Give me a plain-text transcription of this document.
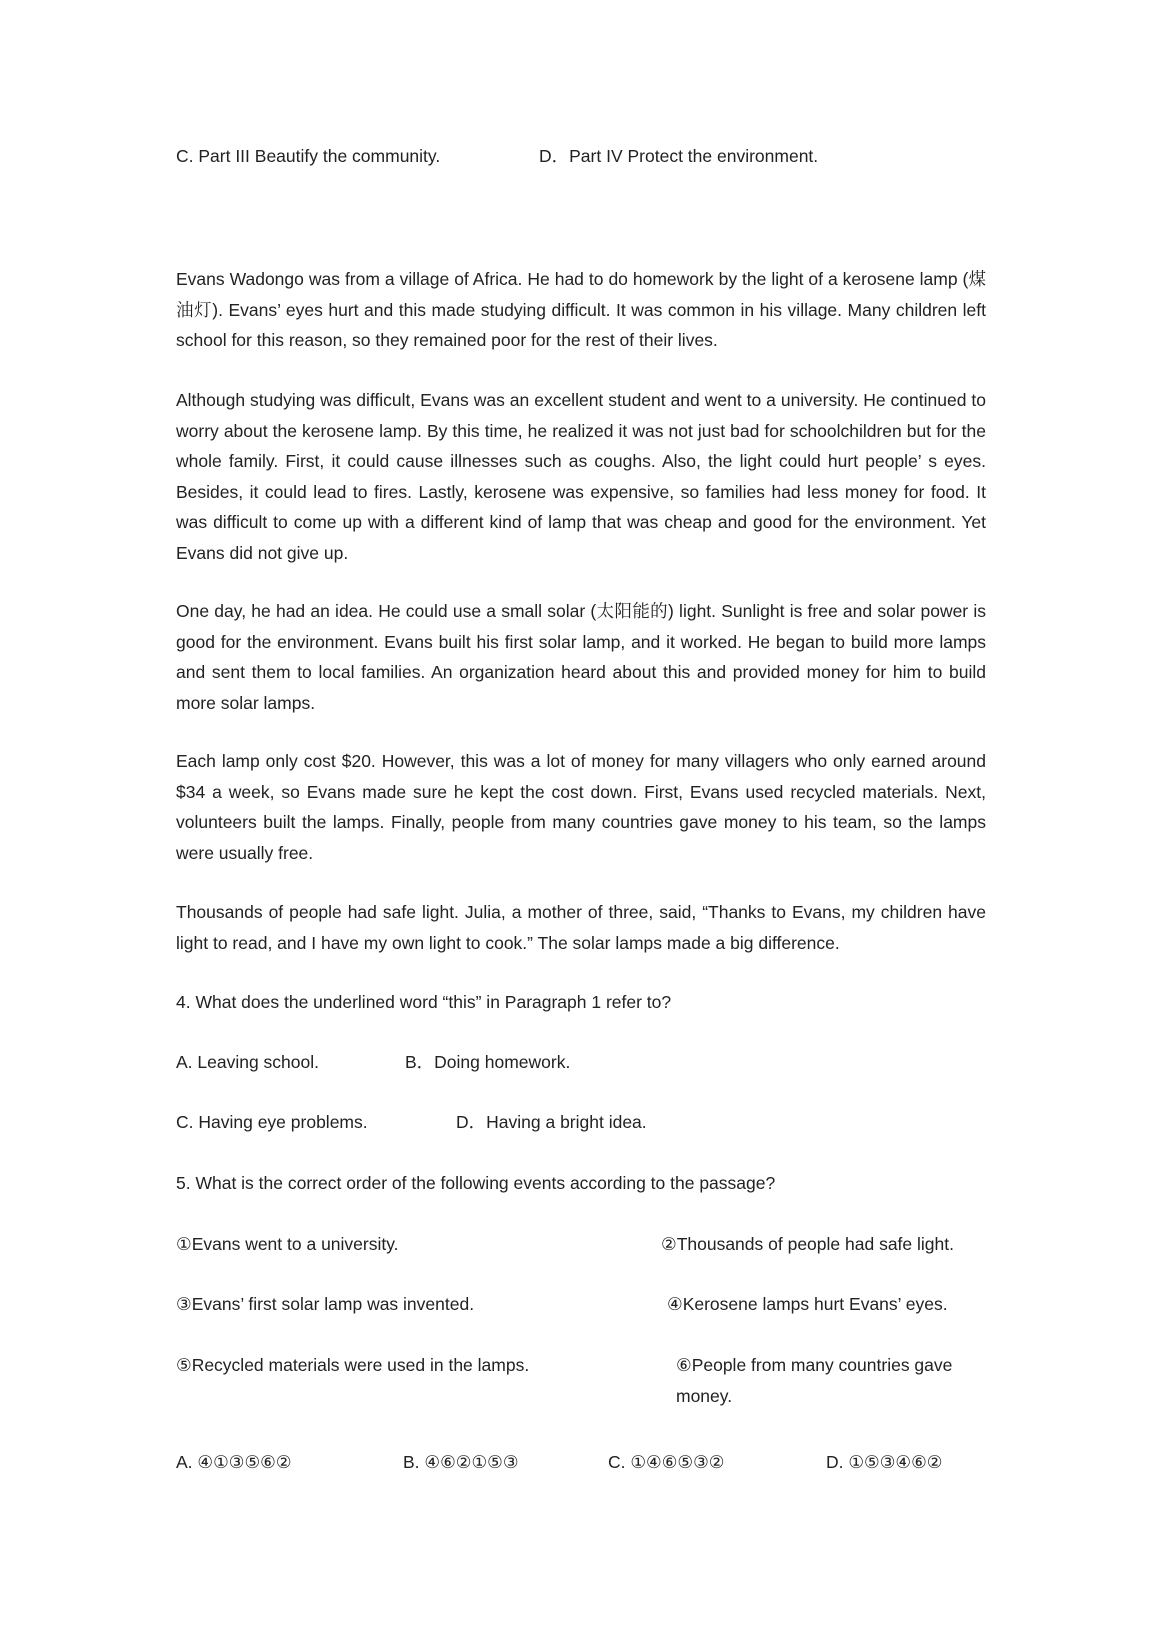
C. Part III Beautify the community.	D．Part IV Protect the environment.

Evans Wadongo was from a village of Africa. He had to do homework by the light of a kerosene lamp (煤油灯). Evans’ eyes hurt and this made studying difficult. It was common in his village. Many children left school for this reason, so they remained poor for the rest of their lives.

Although studying was difficult, Evans was an excellent student and went to a university. He continued to worry about the kerosene lamp. By this time, he realized it was not just bad for schoolchildren but for the whole family. First, it could cause illnesses such as coughs. Also, the light could hurt people’ s eyes. Besides, it could lead to fires. Lastly, kerosene was expensive, so families had less money for food. It was difficult to come up with a different kind of lamp that was cheap and good for the environment. Yet Evans did not give up.

One day, he had an idea. He could use a small solar (太阳能的) light. Sunlight is free and solar power is good for the environment. Evans built his first solar lamp, and it worked. He began to build more lamps and sent them to local families. An organization heard about this and provided money for him to build more solar lamps.

Each lamp only cost $20. However, this was a lot of money for many villagers who only earned around $34 a week, so Evans made sure he kept the cost down. First, Evans used recycled materials. Next, volunteers built the lamps. Finally, people from many countries gave money to his team, so the lamps were usually free.

Thousands of people had safe light. Julia, a mother of three, said, “Thanks to Evans, my children have light to read, and I have my own light to cook.” The solar lamps made a big difference.

4. What does the underlined word “this” in Paragraph 1 refer to?
A. Leaving school.	B．Doing homework.
C. Having eye problems.	D．Having a bright idea.
5. What is the correct order of the following events according to the passage?
①Evans went to a university.	②Thousands of people had safe light.
③Evans’ first solar lamp was invented.	④Kerosene lamps hurt Evans’ eyes.
⑤Recycled materials were used in the lamps.	⑥People from many countries gave money.

A. ④①③⑤⑥②	B. ④⑥②①⑤③	C. ①④⑥⑤③②	D. ①⑤③④⑥②
